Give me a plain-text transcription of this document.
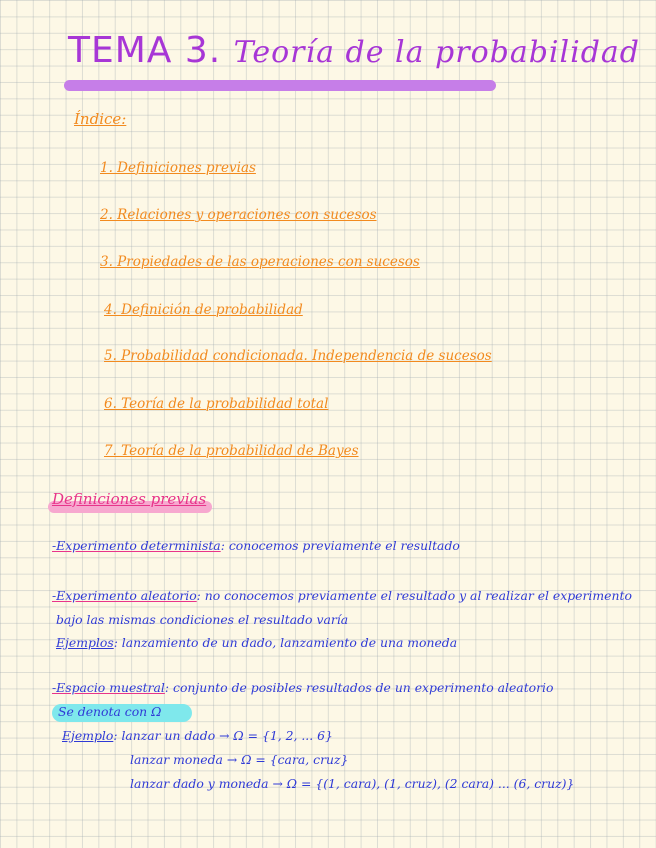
TEMA 3. Teoría de la probabilidad
Índice:
1. Definiciones previas
2. Relaciones y operaciones con sucesos
3. Propiedades de las operaciones con sucesos
4. Definición de probabilidad
5. Probabilidad condicionada. Independencia de sucesos
6. Teoría de la probabilidad total
7. Teoría de la probabilidad de Bayes
Definiciones previas
-Experimento determinista: conocemos previamente el resultado
-Experimento aleatorio: no conocemos previamente el resultado y al realizar el experimento
bajo las mismas condiciones el resultado varía
Ejemplos: lanzamiento de un dado, lanzamiento de una moneda
-Espacio muestral: conjunto de posibles resultados de un experimento aleatorio
Se denota con Ω
Ejemplo: lanzar un dado → Ω = {1, 2, ... 6}
lanzar moneda → Ω = {cara, cruz}
lanzar dado y moneda → Ω = {(1, cara), (1, cruz), (2 cara) ... (6, cruz)}
